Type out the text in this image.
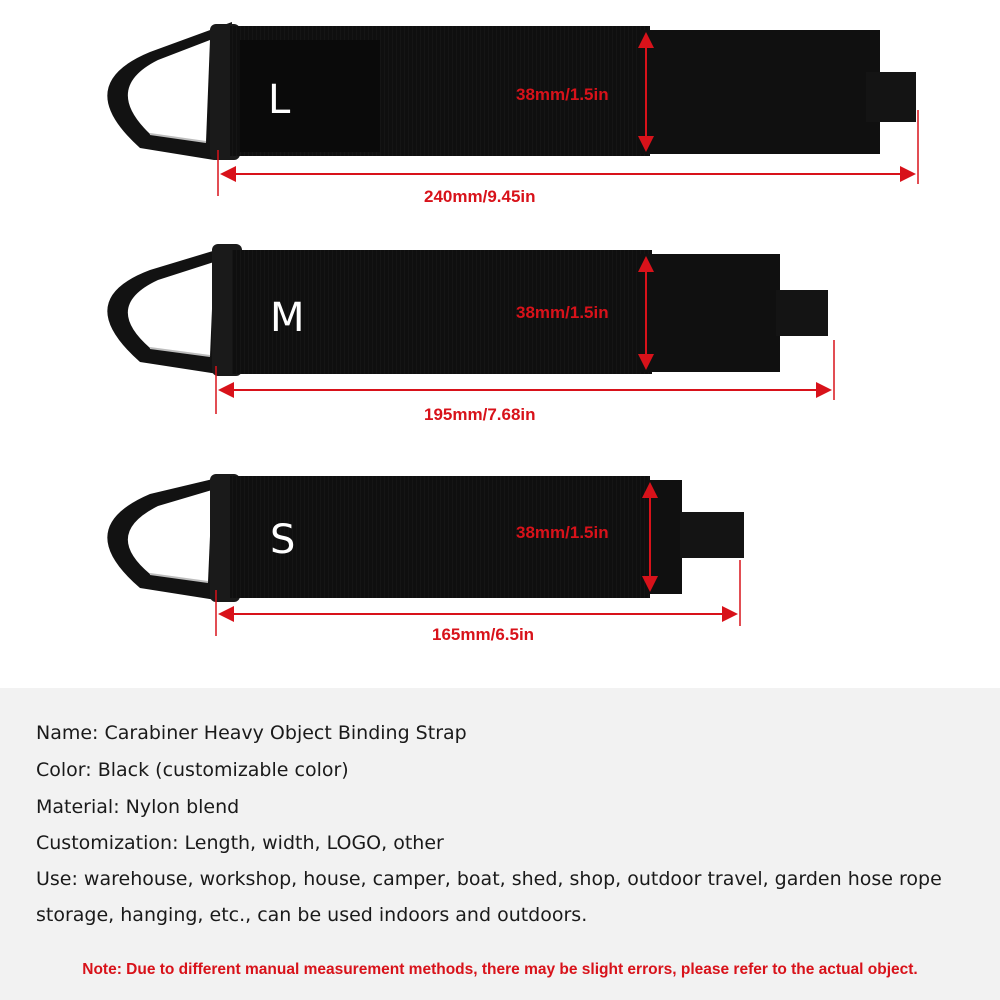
L
M
S
38mm/1.5in
38mm/1.5in
38mm/1.5in
240mm/9.45in
195mm/7.68in
165mm/6.5in
Name: Carabiner Heavy Object Binding Strap
Color: Black (customizable color)
Material: Nylon blend
Customization: Length, width, LOGO, other
Use: warehouse, workshop, house, camper, boat, shed, shop, outdoor travel, garden hose rope
storage, hanging, etc., can be used indoors and outdoors.
Note: Due to different manual measurement methods, there may be slight errors, please refer to the actual object.
